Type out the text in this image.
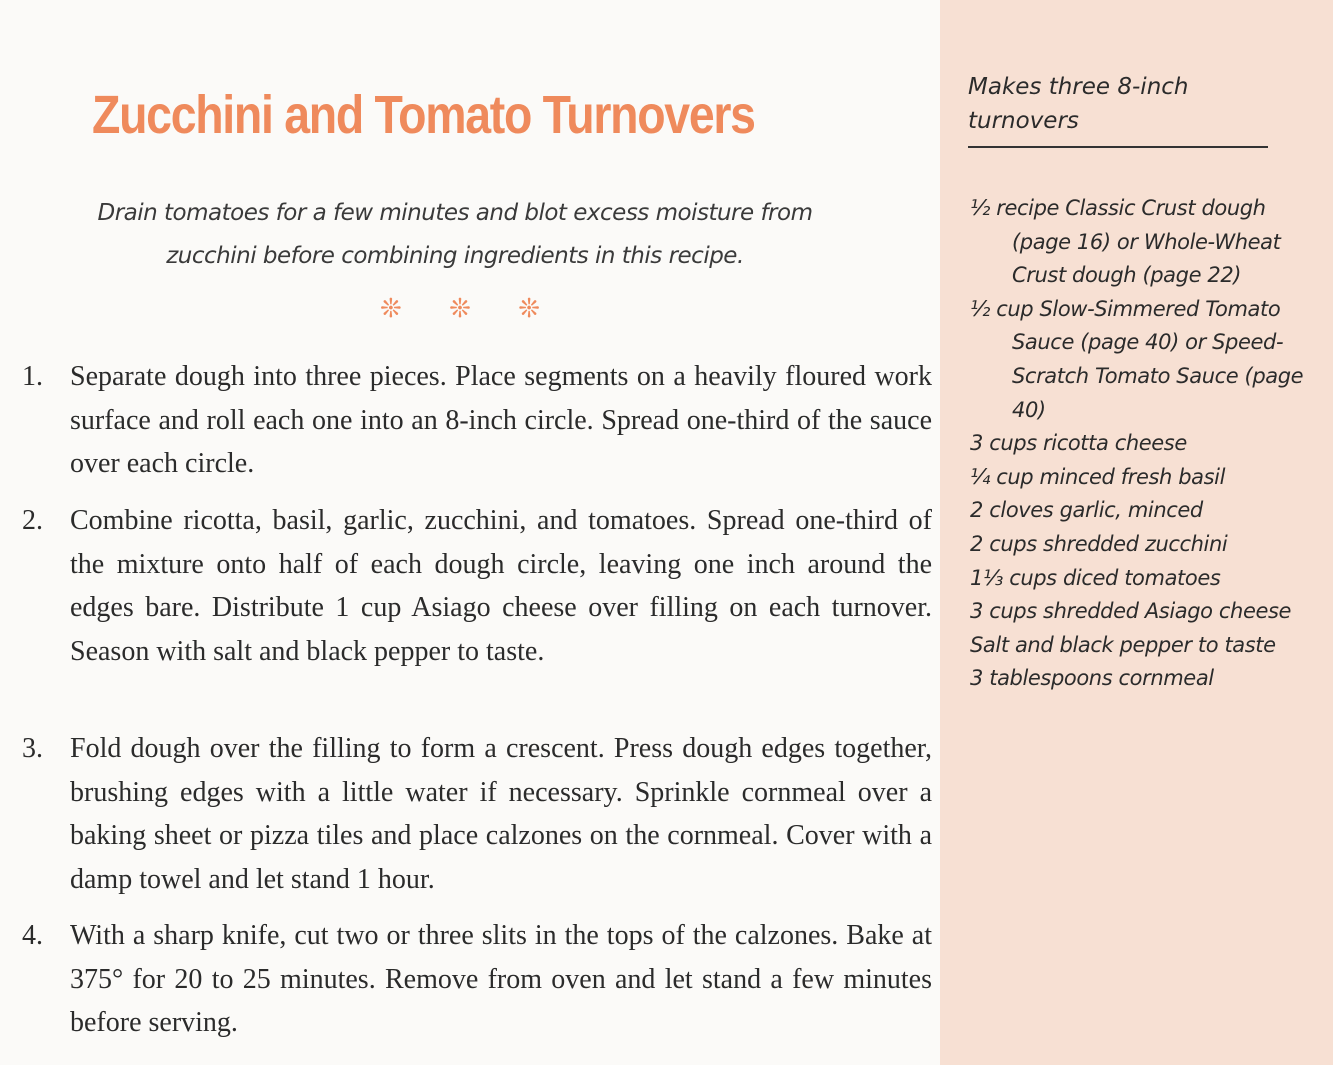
Zucchini and Tomato Turnovers
Drain tomatoes for a few minutes and blot excess moisture from
zucchini before combining ingredients in this recipe.
❊ ❊ ❊
1. Separate dough into three pieces. Place segments on a heavily floured work surface and roll each one into an 8-inch circle. Spread one-third of the sauce over each circle.
2. Combine ricotta, basil, garlic, zucchini, and tomatoes. Spread one-third of the mixture onto half of each dough circle, leaving one inch around the edges bare. Distribute 1 cup Asiago cheese over filling on each turnover. Season with salt and black pepper to taste.
3. Fold dough over the filling to form a crescent. Press dough edges together, brushing edges with a little water if necessary. Sprinkle cornmeal over a baking sheet or pizza tiles and place calzones on the cornmeal. Cover with a damp towel and let stand 1 hour.
4. With a sharp knife, cut two or three slits in the tops of the calzones. Bake at 375° for 20 to 25 minutes. Remove from oven and let stand a few minutes before serving.
Makes three 8-inch turnovers
½ recipe Classic Crust dough (page 16) or Whole-Wheat Crust dough (page 22)
½ cup Slow-Simmered Tomato Sauce (page 40) or Speed-Scratch Tomato Sauce (page 40)
3 cups ricotta cheese
¼ cup minced fresh basil
2 cloves garlic, minced
2 cups shredded zucchini
1⅓ cups diced tomatoes
3 cups shredded Asiago cheese
Salt and black pepper to taste
3 tablespoons cornmeal
